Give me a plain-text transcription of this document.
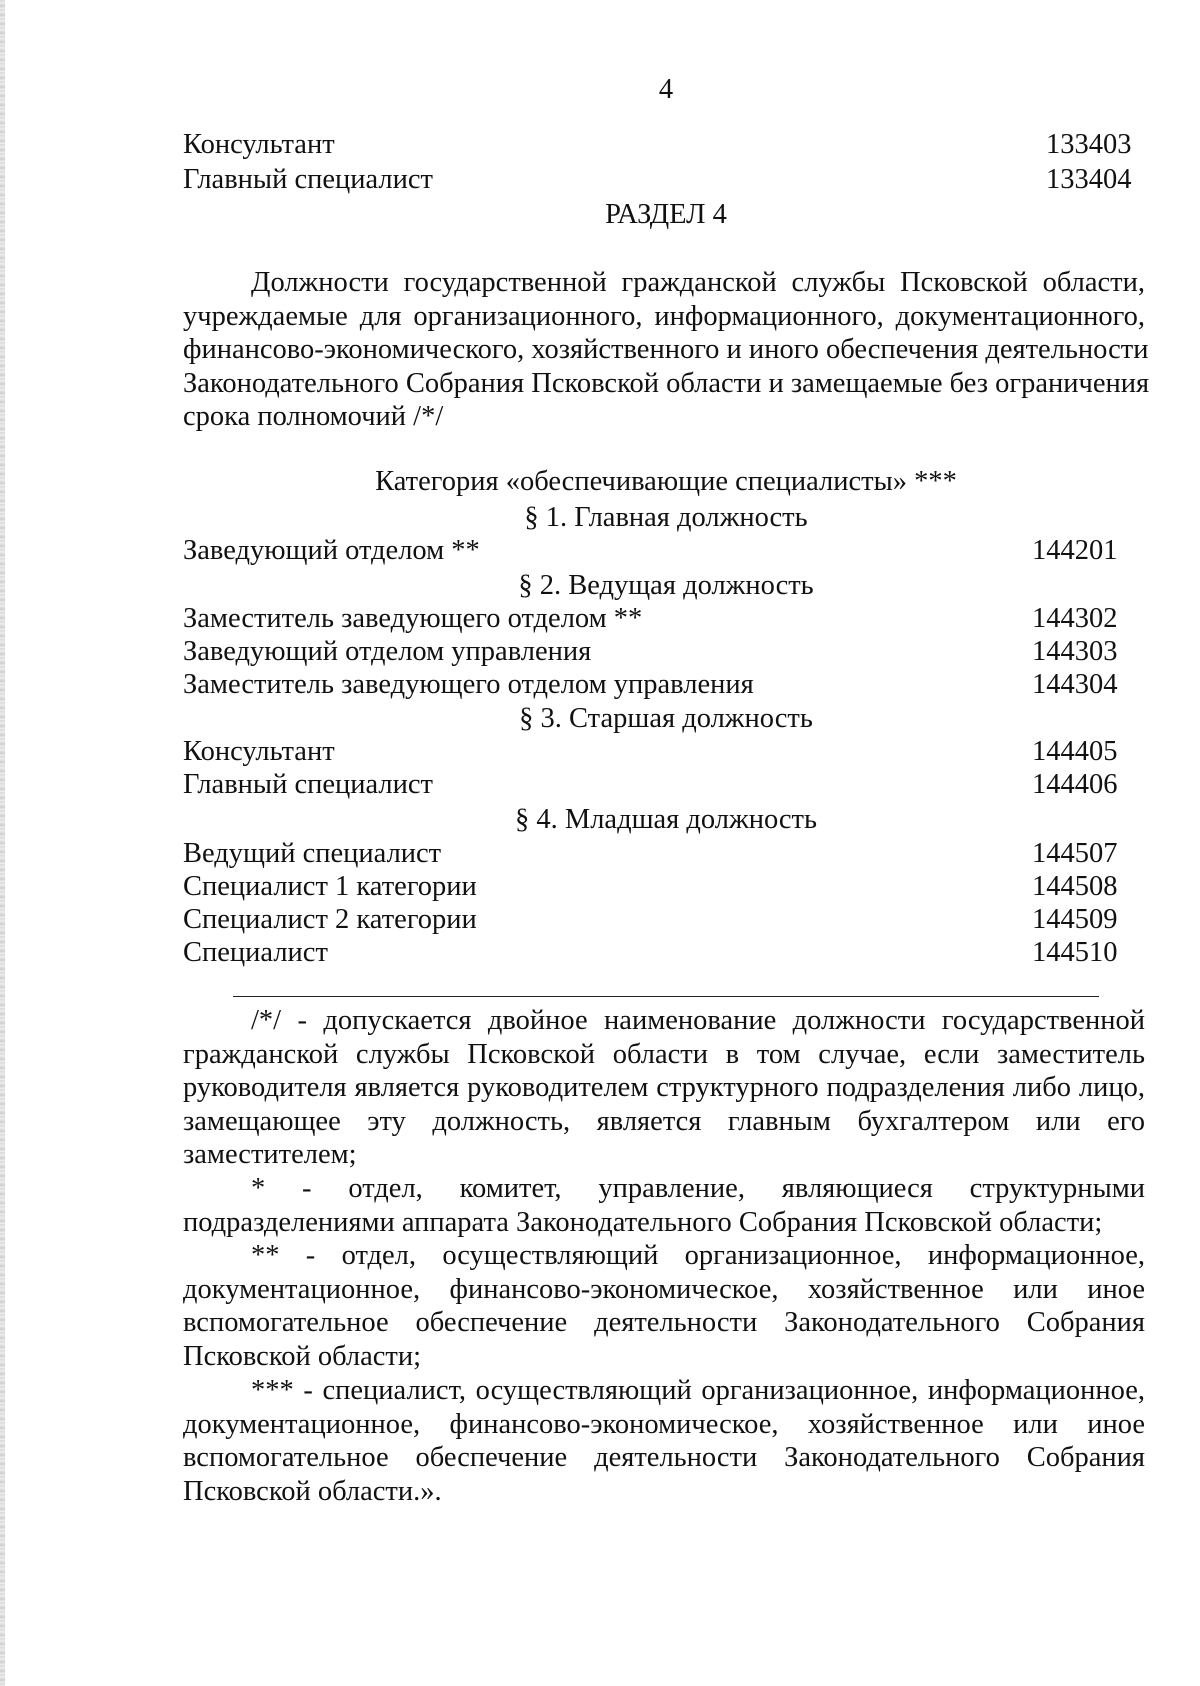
4
Консультант	133403
Главный специалист	133404
РАЗДЕЛ 4
Должности государственной гражданской службы Псковской области,
учреждаемые для организационного, информационного, документационного,
финансово-экономического, хозяйственного и иного обеспечения деятельности
Законодательного Собрания Псковской области и замещаемые без ограничения
срока полномочий /*/
Категория «обеспечивающие специалисты» ***
§ 1. Главная должность
Заведующий отделом **	144201
§ 2. Ведущая должность
Заместитель заведующего отделом **	144302
Заведующий отделом управления	144303
Заместитель заведующего отделом управления	144304
§ 3. Старшая должность
Консультант	144405
Главный специалист	144406
§ 4. Младшая должность
Ведущий специалист	144507
Специалист 1 категории	144508
Специалист 2 категории	144509
Специалист	144510
/*/ - допускается двойное наименование должности государственной
гражданской службы Псковской области в том случае, если заместитель
руководителя является руководителем структурного подразделения либо лицо,
замещающее эту должность, является главным бухгалтером или его
заместителем;
* - отдел, комитет, управление, являющиеся структурными
подразделениями аппарата Законодательного Собрания Псковской области;
** - отдел, осуществляющий организационное, информационное,
документационное, финансово-экономическое, хозяйственное или иное
вспомогательное обеспечение деятельности Законодательного Собрания
Псковской области;
*** - специалист, осуществляющий организационное, информационное,
документационное, финансово-экономическое, хозяйственное или иное
вспомогательное обеспечение деятельности Законодательного Собрания
Псковской области.».
